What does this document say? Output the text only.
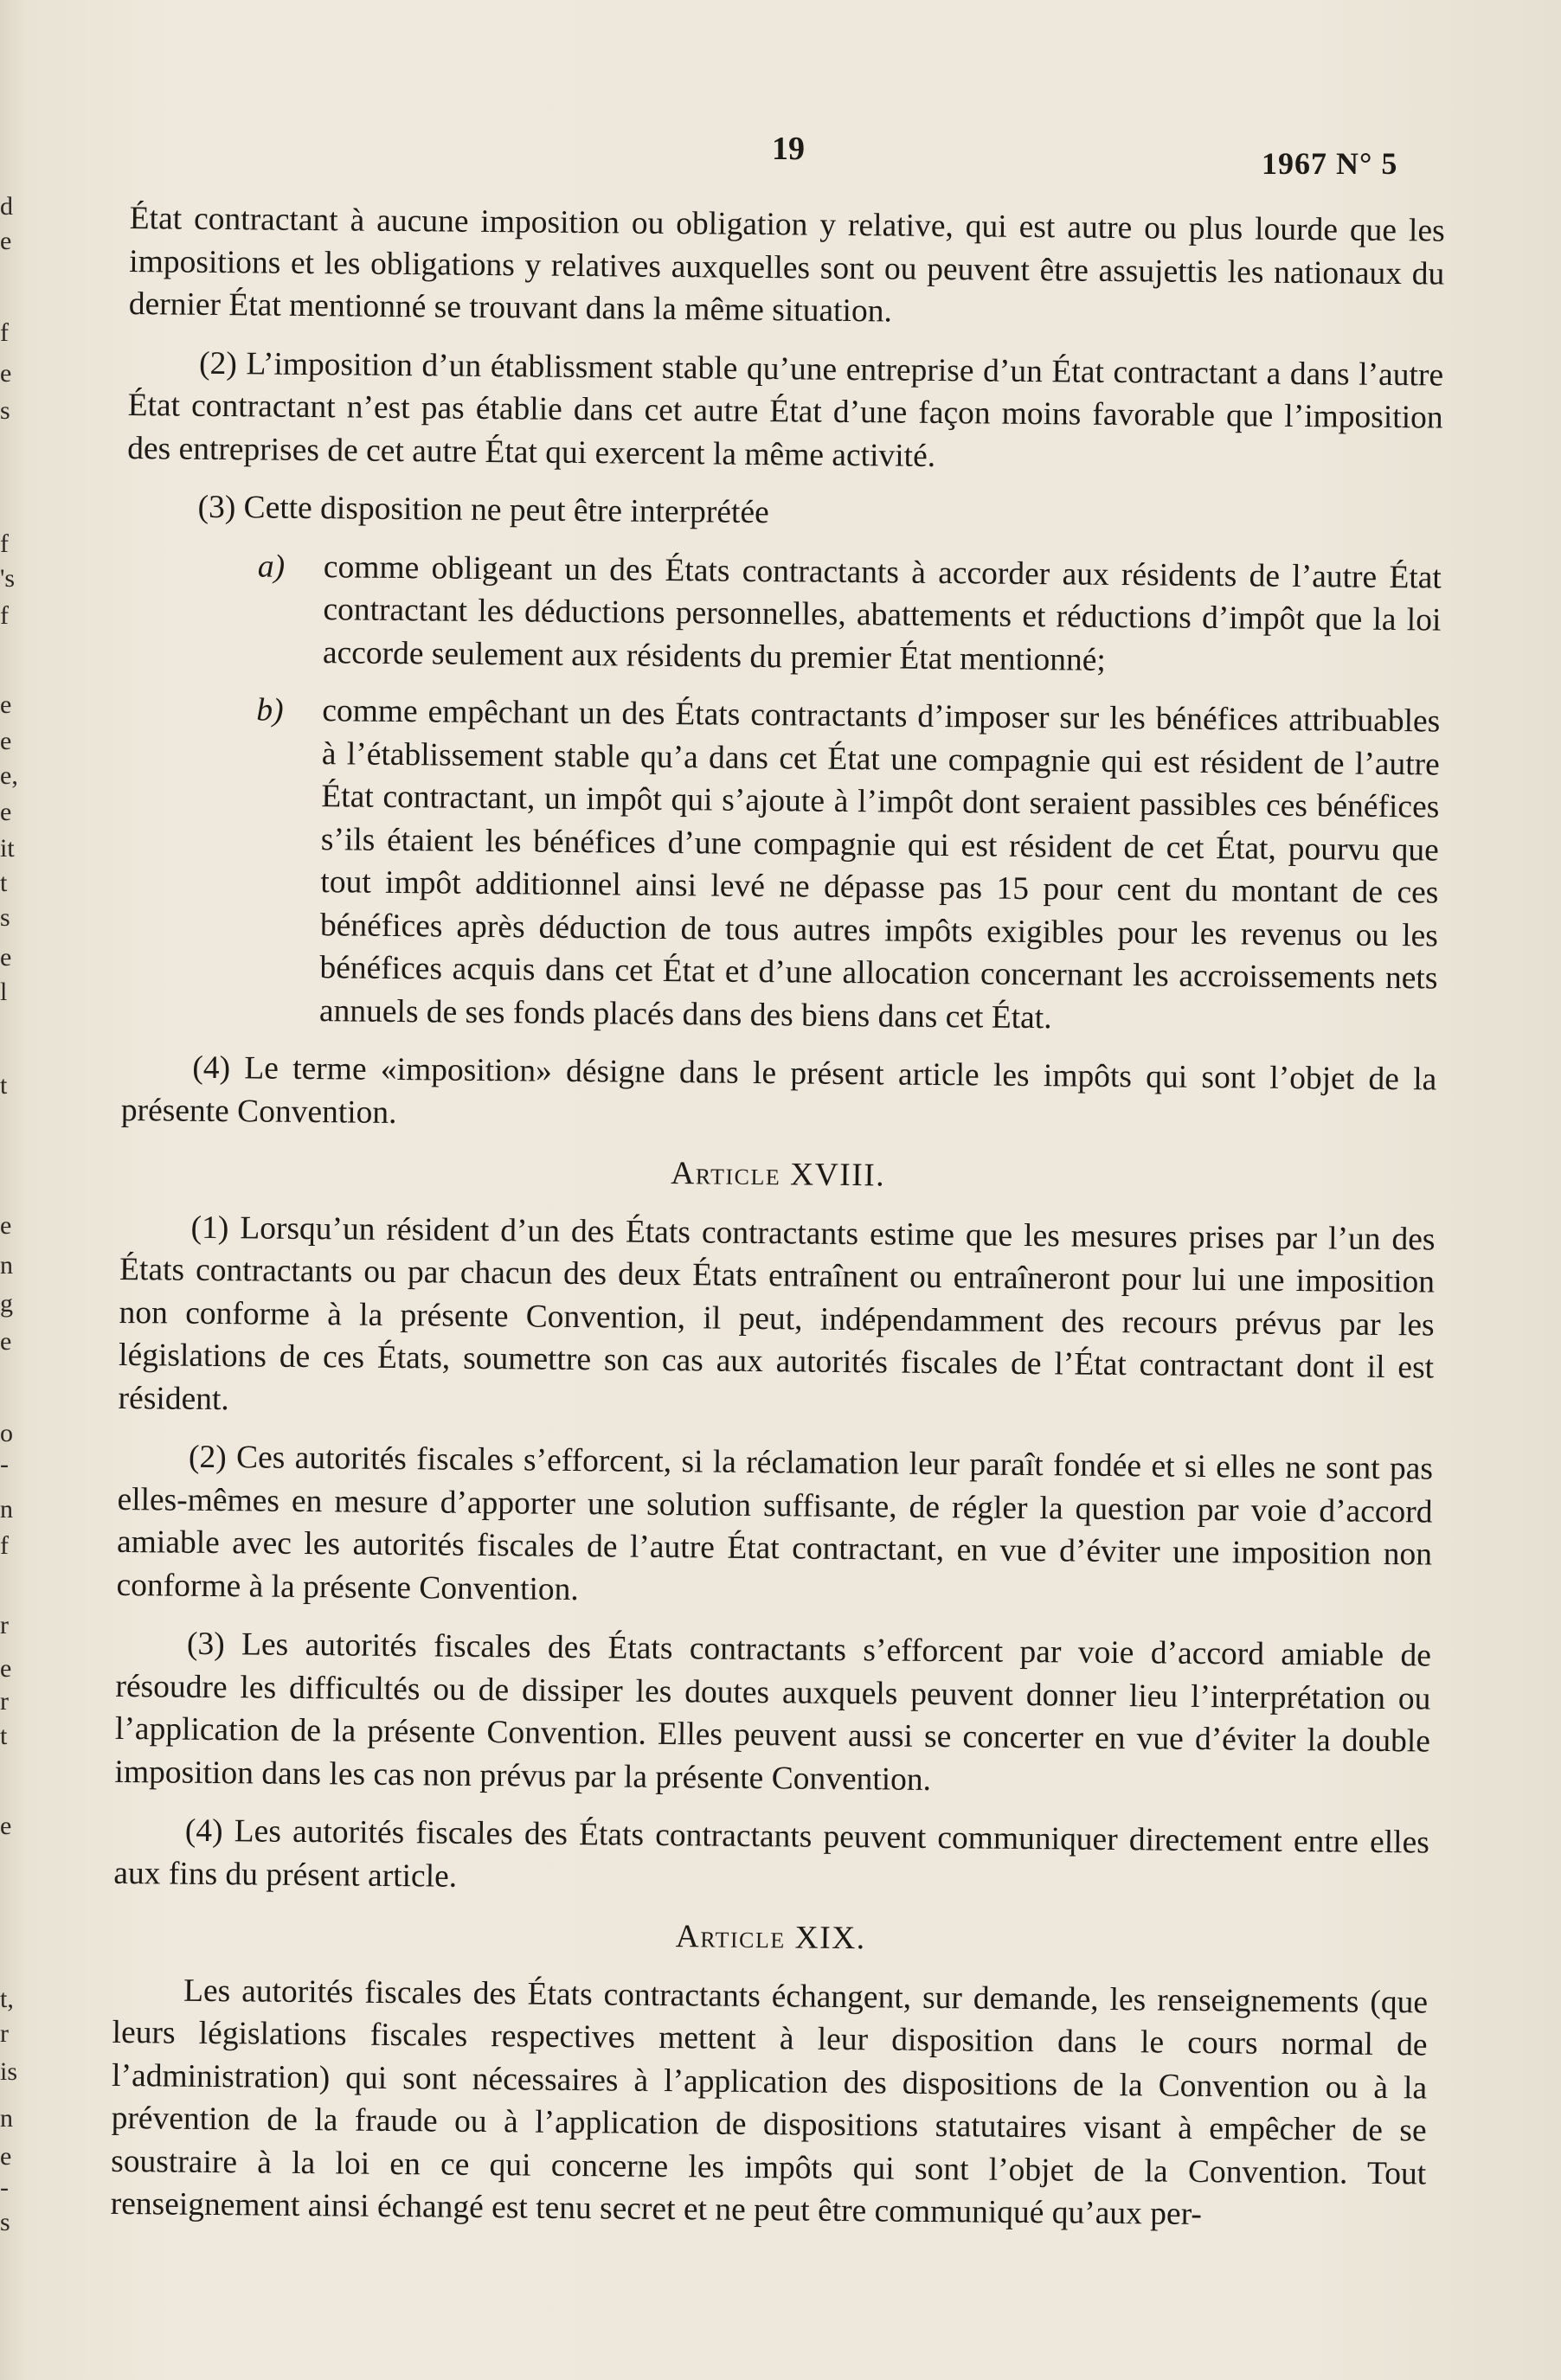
d
e
f
e
s
f
's
f
e
e
e,
e
it
t
s
e
l
t
e
n
g
e
o
-
n
f
r
e
r
t
e
t,
r
is
n
e
-
s
19	1967 N° 5

État contractant à aucune imposition ou obligation y relative, qui est autre ou plus lourde que les impositions et les obligations y relatives auxquelles sont ou peuvent être assujettis les nationaux du dernier État mentionné se trouvant dans la même situation.

(2) L’imposition d’un établissment stable qu’une entreprise d’un État contractant a dans l’autre État contractant n’est pas établie dans cet autre État d’une façon moins favorable que l’imposition des entreprises de cet autre État qui exercent la même activité.

(3) Cette disposition ne peut être interprétée

a) comme obligeant un des États contractants à accorder aux résidents de l’autre État contractant les déductions personnelles, abattements et réductions d’impôt que la loi accorde seulement aux résidents du premier État mentionné;

b) comme empêchant un des États contractants d’imposer sur les bénéfices attribuables à l’établissement stable qu’a dans cet État une compagnie qui est résident de l’autre État contractant, un impôt qui s’ajoute à l’impôt dont seraient passibles ces bénéfices s’ils étaient les bénéfices d’une compagnie qui est résident de cet État, pourvu que tout impôt additionnel ainsi levé ne dépasse pas 15 pour cent du montant de ces bénéfices après déduction de tous autres impôts exigibles pour les revenus ou les bénéfices acquis dans cet État et d’une allocation concernant les accroissements nets annuels de ses fonds placés dans des biens dans cet État.

(4) Le terme «imposition» désigne dans le présent article les impôts qui sont l’objet de la présente Convention.

Article XVIII.

(1) Lorsqu’un résident d’un des États contractants estime que les mesures prises par l’un des États contractants ou par chacun des deux États entraînent ou entraîneront pour lui une imposition non conforme à la présente Convention, il peut, indépendamment des recours prévus par les législations de ces États, soumettre son cas aux autorités fiscales de l’État contractant dont il est résident.

(2) Ces autorités fiscales s’efforcent, si la réclamation leur paraît fondée et si elles ne sont pas elles-mêmes en mesure d’apporter une solution suffisante, de régler la question par voie d’accord amiable avec les autorités fiscales de l’autre État contractant, en vue d’éviter une imposition non conforme à la présente Convention.

(3) Les autorités fiscales des États contractants s’efforcent par voie d’accord amiable de résoudre les difficultés ou de dissiper les doutes auxquels peuvent donner lieu l’interprétation ou l’application de la présente Convention. Elles peuvent aussi se concerter en vue d’éviter la double imposition dans les cas non prévus par la présente Convention.

(4) Les autorités fiscales des États contractants peuvent communiquer directement entre elles aux fins du présent article.

Article XIX.

Les autorités fiscales des États contractants échangent, sur demande, les renseignements (que leurs législations fiscales respectives mettent à leur disposition dans le cours normal de l’administration) qui sont nécessaires à l’application des dispositions de la Convention ou à la prévention de la fraude ou à l’application de dispositions statutaires visant à empêcher de se soustraire à la loi en ce qui concerne les impôts qui sont l’objet de la Convention. Tout renseignement ainsi échangé est tenu secret et ne peut être communiqué qu’aux per-
